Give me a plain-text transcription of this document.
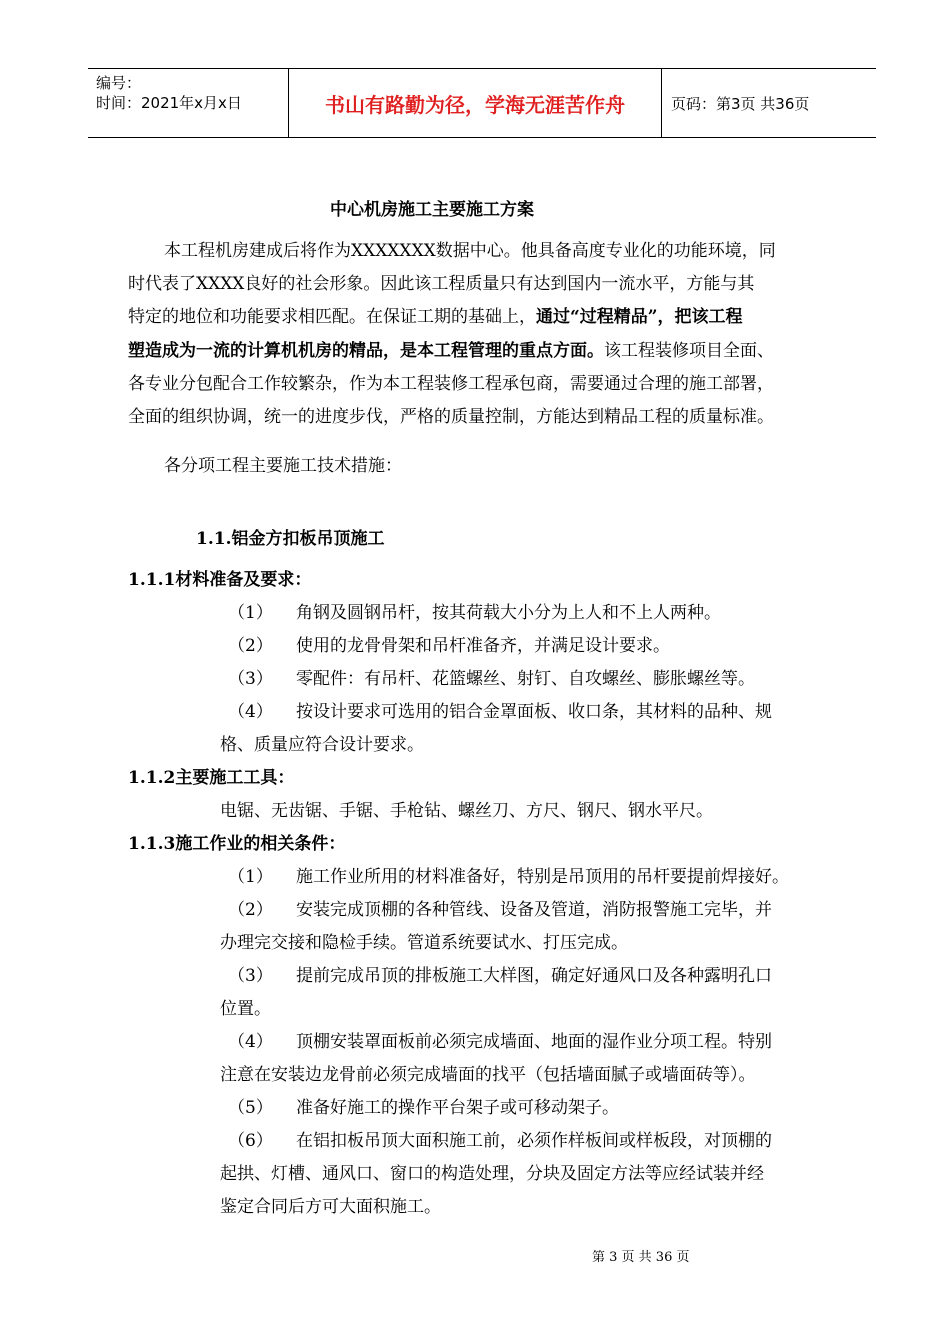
编号：
时间：2021年x月x日	书山有路勤为径，学海无涯苦作舟	页码：第3页 共36页
中心机房施工主要施工方案
本工程机房建成后将作为XXXXXXX数据中心。他具备高度专业化的功能环境，同
时代表了XXXX良好的社会形象。因此该工程质量只有达到国内一流水平，方能与其
特定的地位和功能要求相匹配。在保证工期的基础上，通过“过程精品”，把该工程
塑造成为一流的计算机机房的精品，是本工程管理的重点方面。该工程装修项目全面、
各专业分包配合工作较繁杂，作为本工程装修工程承包商，需要通过合理的施工部署，
全面的组织协调，统一的进度步伐，严格的质量控制，方能达到精品工程的质量标准。
各分项工程主要施工技术措施：
1.1.铝金方扣板吊顶施工
1.1.1材料准备及要求：
（1） 角钢及圆钢吊杆，按其荷载大小分为上人和不上人两种。
（2） 使用的龙骨骨架和吊杆准备齐，并满足设计要求。
（3） 零配件：有吊杆、花篮螺丝、射钉、自攻螺丝、膨胀螺丝等。
（4） 按设计要求可选用的铝合金罩面板、收口条，其材料的品种、规
格、质量应符合设计要求。
1.1.2主要施工工具：
电锯、无齿锯、手锯、手枪钻、螺丝刀、方尺、钢尺、钢水平尺。
1.1.3施工作业的相关条件：
（1） 施工作业所用的材料准备好，特别是吊顶用的吊杆要提前焊接好。
（2） 安装完成顶棚的各种管线、设备及管道，消防报警施工完毕，并
办理完交接和隐检手续。管道系统要试水、打压完成。
（3） 提前完成吊顶的排板施工大样图，确定好通风口及各种露明孔口
位置。
（4） 顶棚安装罩面板前必须完成墙面、地面的湿作业分项工程。特别
注意在安装边龙骨前必须完成墙面的找平（包括墙面腻子或墙面砖等）。
（5） 准备好施工的操作平台架子或可移动架子。
（6） 在铝扣板吊顶大面积施工前，必须作样板间或样板段，对顶棚的
起拱、灯槽、通风口、窗口的构造处理，分块及固定方法等应经试装并经
鉴定合同后方可大面积施工。
第 3 页 共 36 页
